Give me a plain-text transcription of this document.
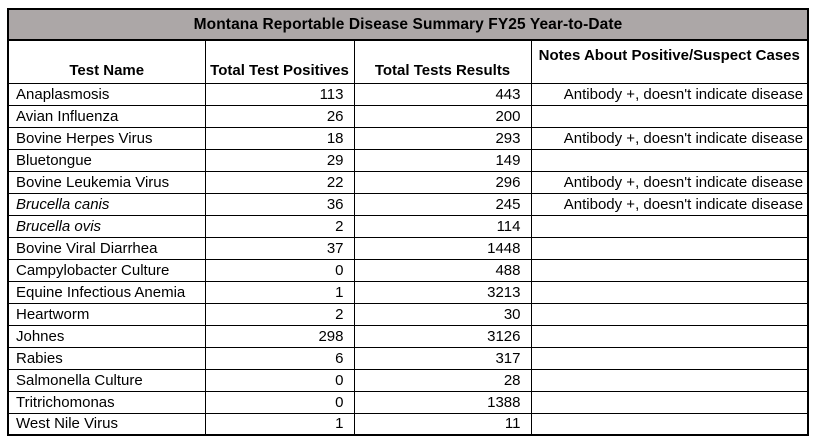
Montana Reportable Disease Summary FY25 Year-to-Date			
Test Name	Total Test Positives	Total Tests Results	Notes About Positive/Suspect Cases
Anaplasmosis	113	443	Antibody +, doesn't indicate disease
Avian Influenza	26	200	
Bovine Herpes Virus	18	293	Antibody +, doesn't indicate disease
Bluetongue	29	149	
Bovine Leukemia Virus	22	296	Antibody +, doesn't indicate disease
Brucella canis	36	245	Antibody +, doesn't indicate disease
Brucella ovis	2	114	
Bovine Viral Diarrhea	37	1448	
Campylobacter Culture	0	488	
Equine Infectious Anemia	1	3213	
Heartworm	2	30	
Johnes	298	3126	
Rabies	6	317	
Salmonella Culture	0	28	
Tritrichomonas	0	1388	
West Nile Virus	1	11	
